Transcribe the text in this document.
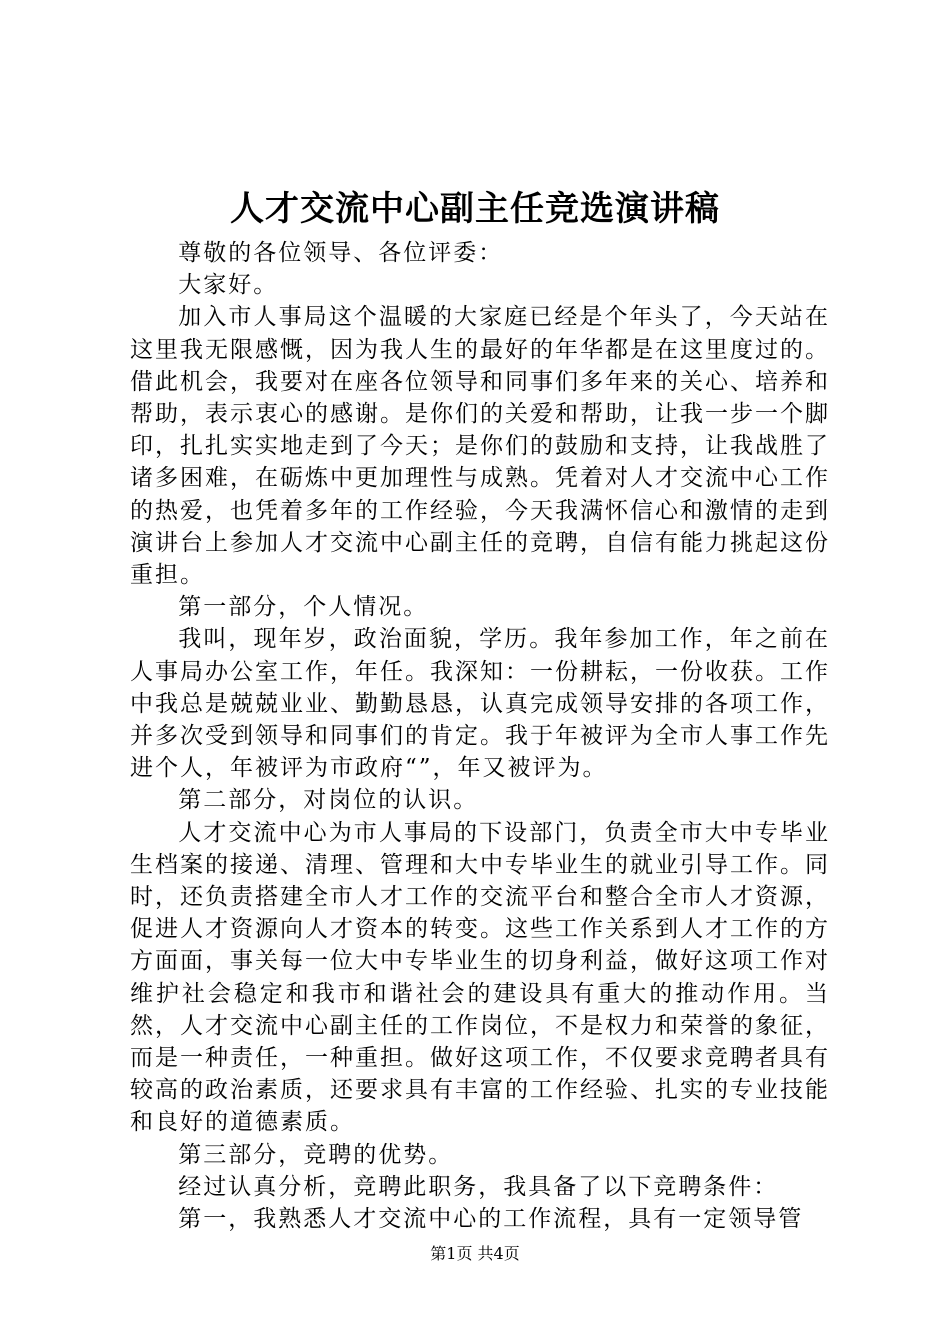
人才交流中心副主任竞选演讲稿

尊敬的各位领导、各位评委：

大家好。

加入市人事局这个温暖的大家庭已经是个年头了，今天站在这里我无限感慨，因为我人生的最好的年华都是在这里度过的。借此机会，我要对在座各位领导和同事们多年来的关心、培养和帮助，表示衷心的感谢。是你们的关爱和帮助，让我一步一个脚印，扎扎实实地走到了今天；是你们的鼓励和支持，让我战胜了诸多困难，在砺炼中更加理性与成熟。凭着对人才交流中心工作的热爱，也凭着多年的工作经验，今天我满怀信心和激情的走到演讲台上参加人才交流中心副主任的竞聘，自信有能力挑起这份重担。

第一部分，个人情况。

我叫，现年岁，政治面貌，学历。我年参加工作，年之前在人事局办公室工作，年任。我深知：一份耕耘，一份收获。工作中我总是兢兢业业、勤勤恳恳，认真完成领导安排的各项工作，并多次受到领导和同事们的肯定。我于年被评为全市人事工作先进个人，年被评为市政府“”，年又被评为。

第二部分，对岗位的认识。

人才交流中心为市人事局的下设部门，负责全市大中专毕业生档案的接递、清理、管理和大中专毕业生的就业引导工作。同时，还负责搭建全市人才工作的交流平台和整合全市人才资源，促进人才资源向人才资本的转变。这些工作关系到人才工作的方方面面，事关每一位大中专毕业生的切身利益，做好这项工作对维护社会稳定和我市和谐社会的建设具有重大的推动作用。当然，人才交流中心副主任的工作岗位，不是权力和荣誉的象征，而是一种责任，一种重担。做好这项工作，不仅要求竞聘者具有较高的政治素质，还要求具有丰富的工作经验、扎实的专业技能和良好的道德素质。

第三部分，竞聘的优势。

经过认真分析，竞聘此职务，我具备了以下竞聘条件：

第一，我熟悉人才交流中心的工作流程，具有一定领导管

第1页 共4页
